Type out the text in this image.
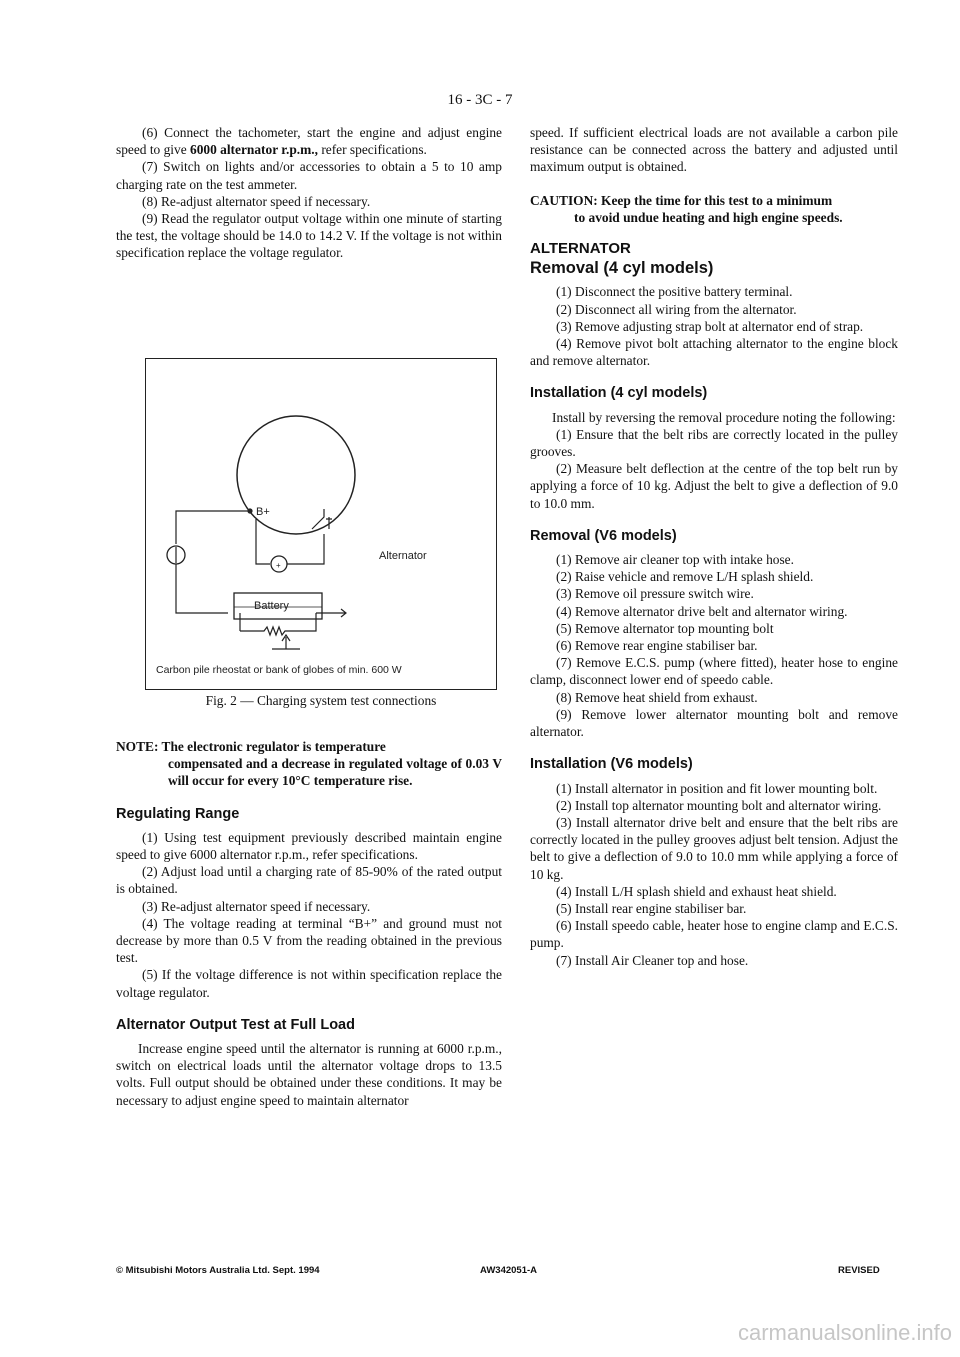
16 - 3C - 7

(6) Connect the tachometer, start the engine and adjust engine speed to give 6000 alternator r.p.m., refer specifications.

(7) Switch on lights and/or accessories to obtain a 5 to 10 amp charging rate on the test ammeter.

(8) Re-adjust alternator speed if necessary.

(9) Read the regulator output voltage within one minute of starting the test, the voltage should be 14.0 to 14.2 V. If the voltage is not within specification replace the voltage regulator.

B+
+
Alternator
Battery
Carbon pile rheostat or bank of globes of min. 600 W
Fig. 2 — Charging system test connections

NOTE: The electronic regulator is temperature
compensated and a decrease in regulated voltage of 0.03 V will occur for every 10°C temperature rise.

Regulating Range

(1) Using test equipment previously described maintain engine speed to give 6000 alternator r.p.m., refer specifications.

(2) Adjust load until a charging rate of 85-90% of the rated output is obtained.

(3) Re-adjust alternator speed if necessary.

(4) The voltage reading at terminal “B+” and ground must not decrease by more than 0.5 V from the reading obtained in the previous test.

(5) If the voltage difference is not within specification replace the voltage regulator.

Alternator Output Test at Full Load

Increase engine speed until the alternator is running at 6000 r.p.m., switch on electrical loads until the alternator voltage drops to 13.5 volts. Full output should be obtained under these conditions. It may be necessary to adjust engine speed to maintain alternator

speed. If sufficient electrical loads are not available a carbon pile resistance can be connected across the battery and adjusted until maximum output is obtained.

CAUTION: Keep the time for this test to a minimum
to avoid undue heating and high engine speeds.

ALTERNATOR
Removal (4 cyl models)

(1) Disconnect the positive battery terminal.

(2) Disconnect all wiring from the alternator.

(3) Remove adjusting strap bolt at alternator end of strap.

(4) Remove pivot bolt attaching alternator to the engine block and remove alternator.

Installation (4 cyl models)

Install by reversing the removal procedure noting the following:

(1) Ensure that the belt ribs are correctly located in the pulley grooves.

(2) Measure belt deflection at the centre of the top belt run by applying a force of 10 kg. Adjust the belt to give a deflection of 9.0 to 10.0 mm.

Removal (V6 models)

(1) Remove air cleaner top with intake hose.

(2) Raise vehicle and remove L/H splash shield.

(3) Remove oil pressure switch wire.

(4) Remove alternator drive belt and alternator wiring.

(5) Remove alternator top mounting bolt

(6) Remove rear engine stabiliser bar.

(7) Remove E.C.S. pump (where fitted), heater hose to engine clamp, disconnect lower end of speedo cable.

(8) Remove heat shield from exhaust.

(9) Remove lower alternator mounting bolt and remove alternator.

Installation (V6 models)

(1) Install alternator in position and fit lower mounting bolt.

(2) Install top alternator mounting bolt and alternator wiring.

(3) Install alternator drive belt and ensure that the belt ribs are correctly located in the pulley grooves adjust belt tension. Adjust the belt to give a deflection of 9.0 to 10.0 mm while applying a force of 10 kg.

(4) Install L/H splash shield and exhaust heat shield.

(5) Install rear engine stabiliser bar.

(6) Install speedo cable, heater hose to engine clamp and E.C.S. pump.

(7) Install Air Cleaner top and hose.

© Mitsubishi Motors Australia Ltd. Sept. 1994	AW342051-A	REVISED
carmanualsonline.info
